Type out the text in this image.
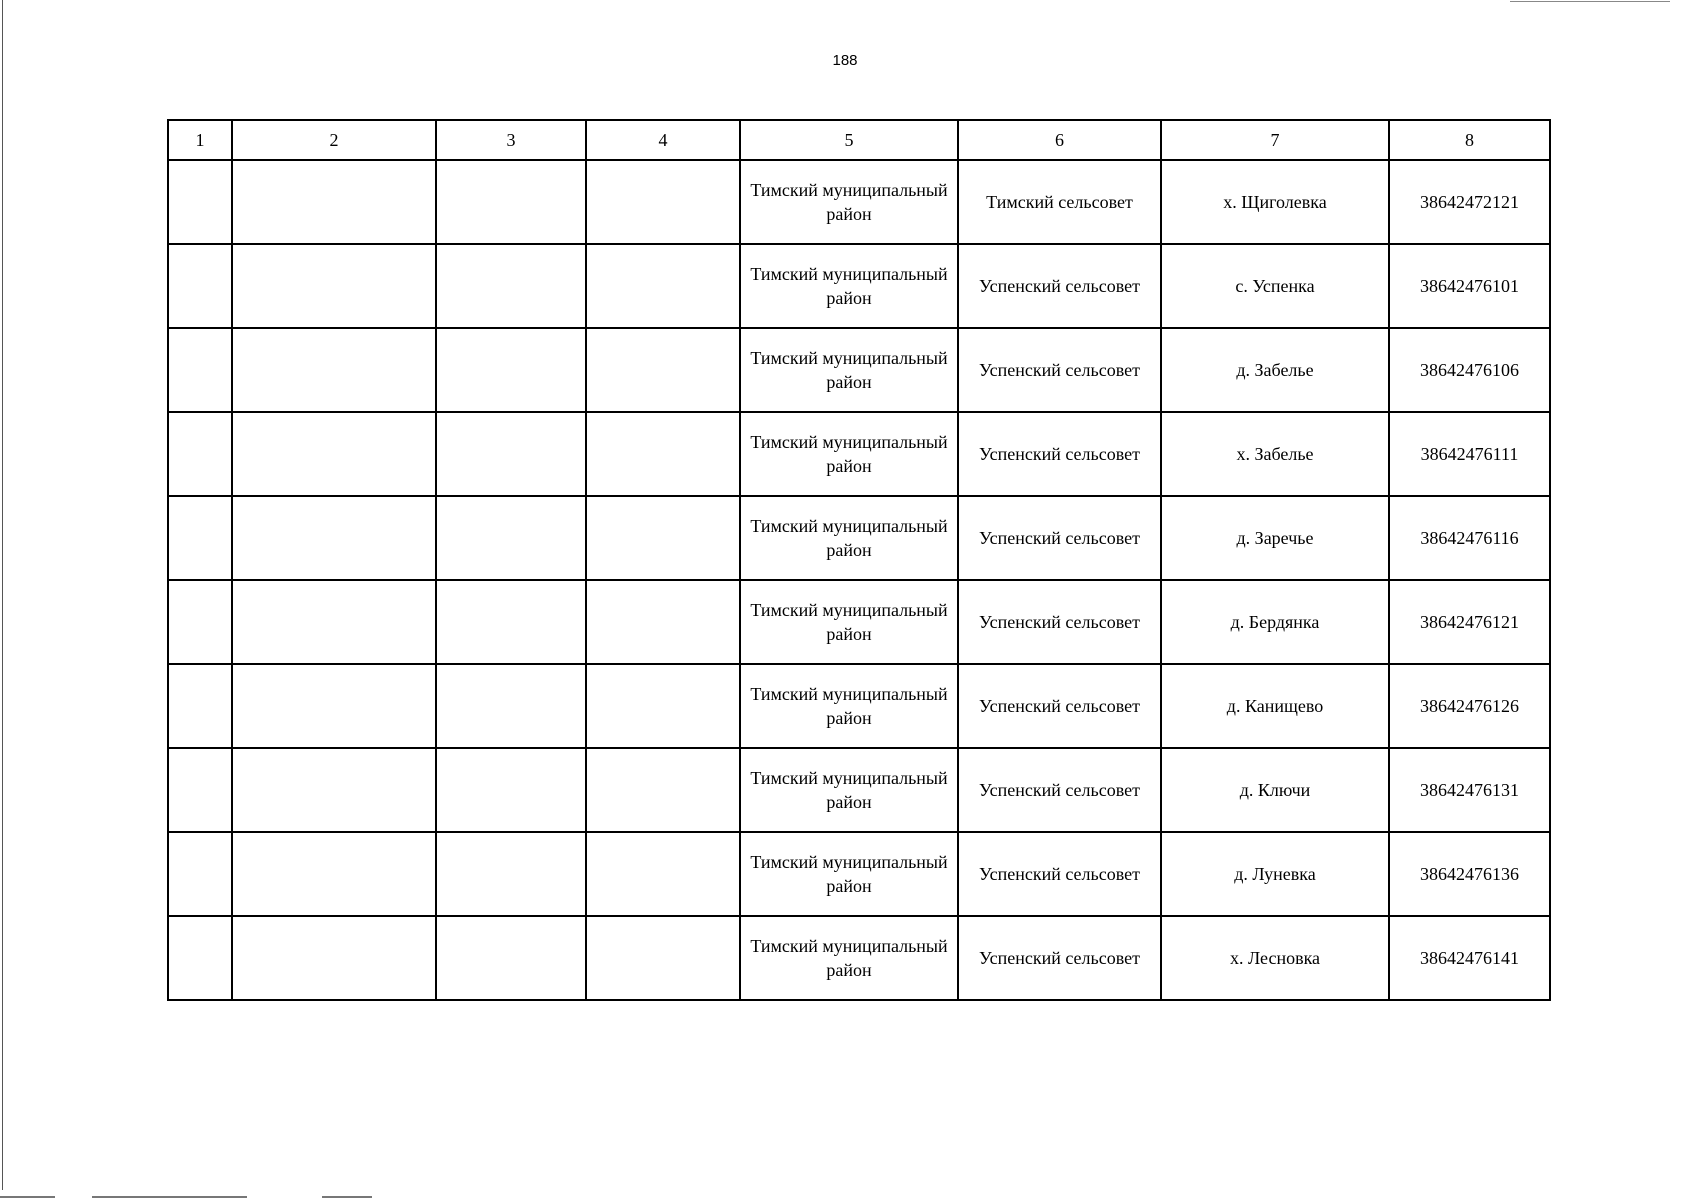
188
1	2	3	4	5	6	7	8
				Тимский муниципальный район	Тимский сельсовет	х. Щиголевка	38642472121
				Тимский муниципальный район	Успенский сельсовет	с. Успенка	38642476101
				Тимский муниципальный район	Успенский сельсовет	д. Забелье	38642476106
				Тимский муниципальный район	Успенский сельсовет	х. Забелье	38642476111
				Тимский муниципальный район	Успенский сельсовет	д. Заречье	38642476116
				Тимский муниципальный район	Успенский сельсовет	д. Бердянка	38642476121
				Тимский муниципальный район	Успенский сельсовет	д. Канищево	38642476126
				Тимский муниципальный район	Успенский сельсовет	д. Ключи	38642476131
				Тимский муниципальный район	Успенский сельсовет	д. Луневка	38642476136
				Тимский муниципальный район	Успенский сельсовет	х. Лесновка	38642476141
